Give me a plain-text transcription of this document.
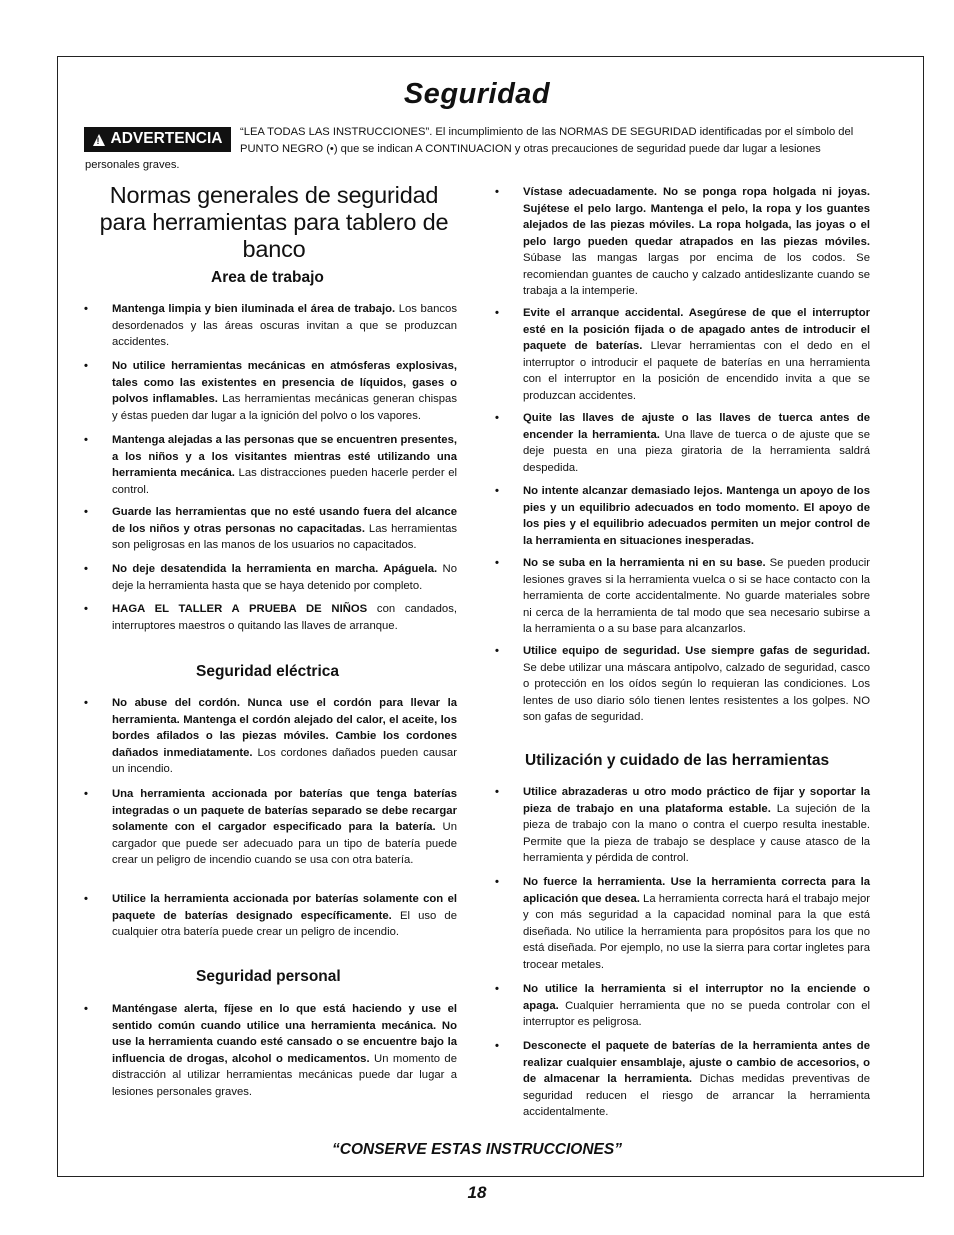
Seguridad
! ADVERTENCIA “LEA TODAS LAS INSTRUCCIONES”. El incumplimiento de las NORMAS DE SEGURIDAD identificadas por el símbolo del PUNTO NEGRO (•) que se indican A CONTINUACION y otras precauciones de seguridad puede dar lugar a lesiones
personales graves.
Normas generales de seguridad para herramientas para tablero de banco
Area de trabajo
Seguridad eléctrica
Seguridad personal
Utilización y cuidado de las herramientas
• Mantenga limpia y bien iluminada el área de trabajo. Los bancos desordenados y las áreas oscuras invitan a que se produzcan accidentes.
• No utilice herramientas mecánicas en atmósferas explosivas, tales como las existentes en presencia de líquidos, gases o polvos inflamables. Las herramientas mecánicas generan chispas y éstas pueden dar lugar a la ignición del polvo o los vapores.
• Mantenga alejadas a las personas que se encuentren presentes, a los niños y a los visitantes mientras esté utilizando una herramienta mecánica. Las distracciones pueden hacerle perder el control.
• Guarde las herramientas que no esté usando fuera del alcance de los niños y otras personas no capacitadas. Las herramientas son peligrosas en las manos de los usuarios no capacitados.
• No deje desatendida la herramienta en marcha. Apáguela. No deje la herramienta hasta que se haya detenido por completo.
• HAGA EL TALLER A PRUEBA DE NIÑOS con candados, interruptores maestros o quitando las llaves de arranque.
• No abuse del cordón. Nunca use el cordón para llevar la herramienta. Mantenga el cordón alejado del calor, el aceite, los bordes afilados o las piezas móviles. Cambie los cordones dañados inmediatamente. Los cordones dañados pueden causar un incendio.
• Una herramienta accionada por baterías que tenga baterías integradas o un paquete de baterías separado se debe recargar solamente con el cargador especificado para la batería. Un cargador que puede ser adecuado para un tipo de batería puede crear un peligro de incendio cuando se usa con otra batería.
• Utilice la herramienta accionada por baterías solamente con el paquete de baterías designado específicamente. El uso de cualquier otra batería puede crear un peligro de incendio.
• Manténgase alerta, fíjese en lo que está haciendo y use el sentido común cuando utilice una herramienta mecánica. No use la herramienta cuando esté cansado o se encuentre bajo la influencia de drogas, alcohol o medicamentos. Un momento de distracción al utilizar herramientas mecánicas puede dar lugar a lesiones personales graves.
• Vístase adecuadamente. No se ponga ropa holgada ni joyas. Sujétese el pelo largo. Mantenga el pelo, la ropa y los guantes alejados de las piezas móviles. La ropa holgada, las joyas o el pelo largo pueden quedar atrapados en las piezas móviles. Súbase las mangas largas por encima de los codos. Se recomiendan guantes de caucho y calzado antideslizante cuando se trabaja a la intemperie.
• Evite el arranque accidental. Asegúrese de que el interruptor esté en la posición fijada o de apagado antes de introducir el paquete de baterías. Llevar herramientas con el dedo en el interruptor o introducir el paquete de baterías en una herramienta con el interruptor en la posición de encendido invita a que se produzcan accidentes.
• Quite las llaves de ajuste o las llaves de tuerca antes de encender la herramienta. Una llave de tuerca o de ajuste que se deje puesta en una pieza giratoria de la herramienta saldrá despedida.
• No intente alcanzar demasiado lejos. Mantenga un apoyo de los pies y un equilibrio adecuados en todo momento. El apoyo de los pies y el equilibrio adecuados permiten un mejor control de la herramienta en situaciones inesperadas.
• No se suba en la herramienta ni en su base. Se pueden producir lesiones graves si la herramienta vuelca o si se hace contacto con la herramienta de corte accidentalmente. No guarde materiales sobre ni cerca de la herramienta de tal modo que sea necesario subirse a la herramienta o a su base para alcanzarlos.
• Utilice equipo de seguridad. Use siempre gafas de seguridad. Se debe utilizar una máscara antipolvo, calzado de seguridad, casco o protección en los oídos según lo requieran las condiciones. Los lentes de uso diario sólo tienen lentes resistentes a los golpes. NO son gafas de seguridad.
• Utilice abrazaderas u otro modo práctico de fijar y soportar la pieza de trabajo en una plataforma estable. La sujeción de la pieza de trabajo con la mano o contra el cuerpo resulta inestable. Permite que la pieza de trabajo se desplace y cause atasco de la herramienta y pérdida de control.
• No fuerce la herramienta. Use la herramienta correcta para la aplicación que desea. La herramienta correcta hará el trabajo mejor y con más seguridad a la capacidad nominal para la que está diseñada. No utilice la herramienta para propósitos para los que no está diseñada. Por ejemplo, no use la sierra para cortar ingletes para trocear metales.
• No utilice la herramienta si el interruptor no la enciende o apaga. Cualquier herramienta que no se pueda controlar con el interruptor es peligrosa.
• Desconecte el paquete de baterías de la herramienta antes de realizar cualquier ensamblaje, ajuste o cambio de accesorios, o de almacenar la herramienta. Dichas medidas preventivas de seguridad reducen el riesgo de arrancar la herramienta accidentalmente.
“CONSERVE ESTAS INSTRUCCIONES”
18
